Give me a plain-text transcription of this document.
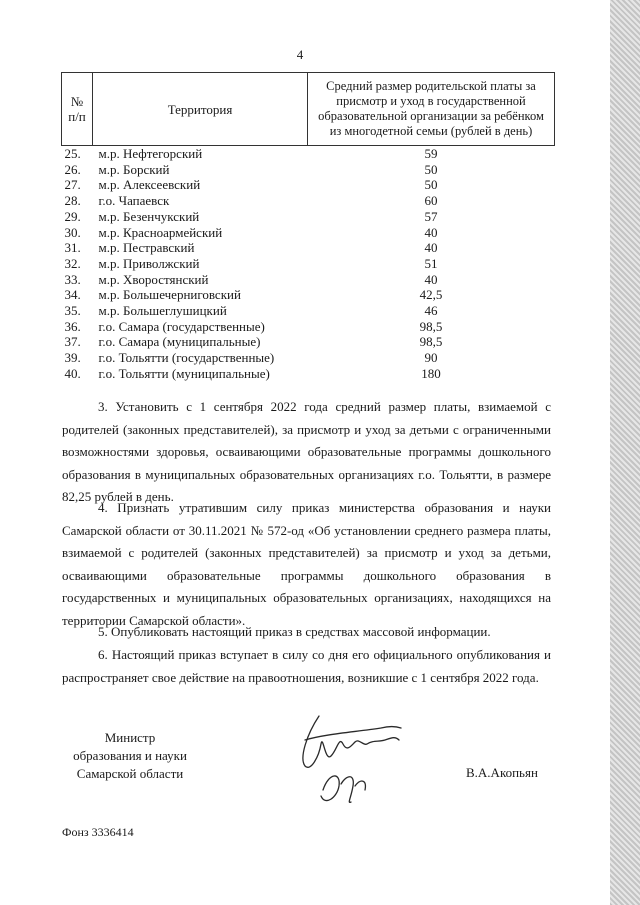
4
№
п/п	Территория	Средний размер родительской платы за присмотр и уход в государственной образовательной организации за ребёнком из многодетной семьи (рублей в день)
25.	м.р. Нефтегорский	59
26.	м.р. Борский	50
27.	м.р. Алексеевский	50
28.	г.о. Чапаевск	60
29.	м.р. Безенчукский	57
30.	м.р. Красноармейский	40
31.	м.р. Пестравский	40
32.	м.р. Приволжский	51
33.	м.р. Хворостянский	40
34.	м.р. Большечерниговский	42,5
35.	м.р. Большеглушицкий	46
36.	г.о. Самара (государственные)	98,5
37.	г.о. Самара (муниципальные)	98,5
39.	г.о. Тольятти (государственные)	90
40.	г.о. Тольятти (муниципальные)	180

3. Установить с 1 сентября 2022 года средний размер платы, взимаемой с родителей (законных представителей), за присмотр и уход за детьми с ограниченными возможностями здоровья, осваивающими образовательные программы дошкольного образования в муниципальных образовательных организациях г.о. Тольятти, в размере 82,25 рублей в день.

4. Признать утратившим силу приказ министерства образования и науки Самарской области от 30.11.2021 № 572-од «Об установлении среднего размера платы, взимаемой с родителей (законных представителей) за присмотр и уход за детьми, осваивающими образовательные программы дошкольного образования в государственных и муниципальных образовательных организациях, находящихся на территории Самарской области».

5. Опубликовать настоящий приказ в средствах массовой информации.

6. Настоящий приказ вступает в силу со дня его официального опубликования и распространяет свое действие на правоотношения, возникшие с 1 сентября 2022 года.

Министр
образования и науки
Самарской области	В.А.Акопьян
Фонз 3336414
